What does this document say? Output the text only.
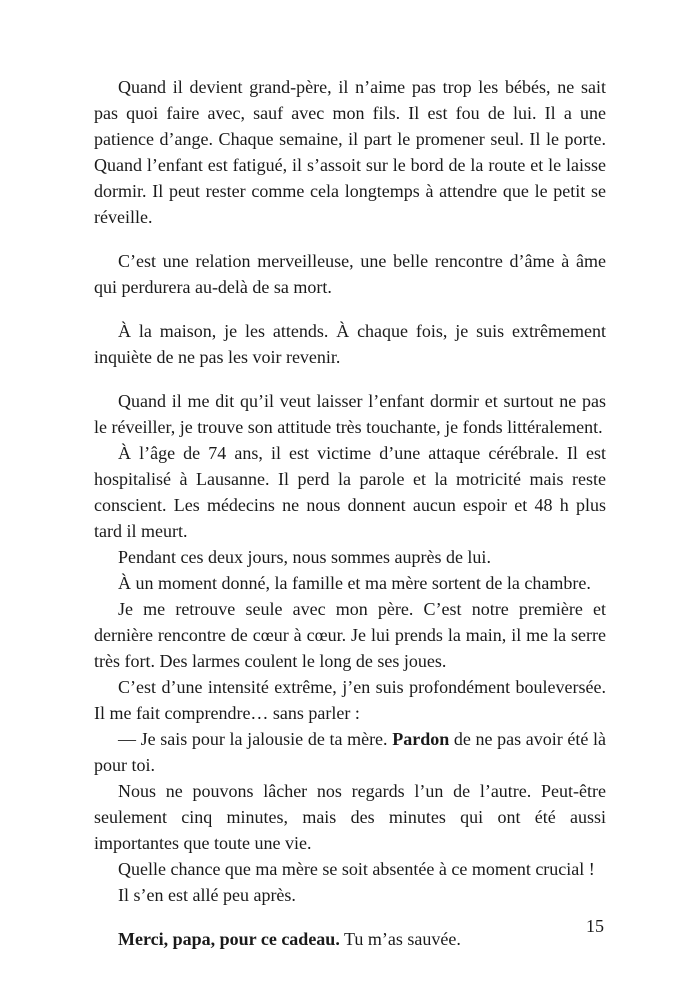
Quand il devient grand-père, il n’aime pas trop les bébés, ne sait pas quoi faire avec, sauf avec mon fils. Il est fou de lui. Il a une patience d’ange. Chaque semaine, il part le promener seul. Il le porte. Quand l’enfant est fatigué, il s’assoit sur le bord de la route et le laisse dormir. Il peut rester comme cela longtemps à attendre que le petit se réveille.

C’est une relation merveilleuse, une belle rencontre d’âme à âme qui perdurera au-delà de sa mort.

À la maison, je les attends. À chaque fois, je suis extrêmement inquiète de ne pas les voir revenir.

Quand il me dit qu’il veut laisser l’enfant dormir et surtout ne pas le réveiller, je trouve son attitude très touchante, je fonds littéralement.

À l’âge de 74 ans, il est victime d’une attaque cérébrale. Il est hospitalisé à Lausanne. Il perd la parole et la motricité mais reste conscient. Les médecins ne nous donnent aucun espoir et 48 h plus tard il meurt.

Pendant ces deux jours, nous sommes auprès de lui.

À un moment donné, la famille et ma mère sortent de la chambre.

Je me retrouve seule avec mon père. C’est notre première et dernière rencontre de cœur à cœur. Je lui prends la main, il me la serre très fort. Des larmes coulent le long de ses joues.

C’est d’une intensité extrême, j’en suis profondément bouleversée. Il me fait comprendre… sans parler :

— Je sais pour la jalousie de ta mère. Pardon de ne pas avoir été là pour toi.

Nous ne pouvons lâcher nos regards l’un de l’autre. Peut-être seulement cinq minutes, mais des minutes qui ont été aussi importantes que toute une vie.

Quelle chance que ma mère se soit absentée à ce moment crucial !

Il s’en est allé peu après.

Merci, papa, pour ce cadeau. Tu m’as sauvée.

15
